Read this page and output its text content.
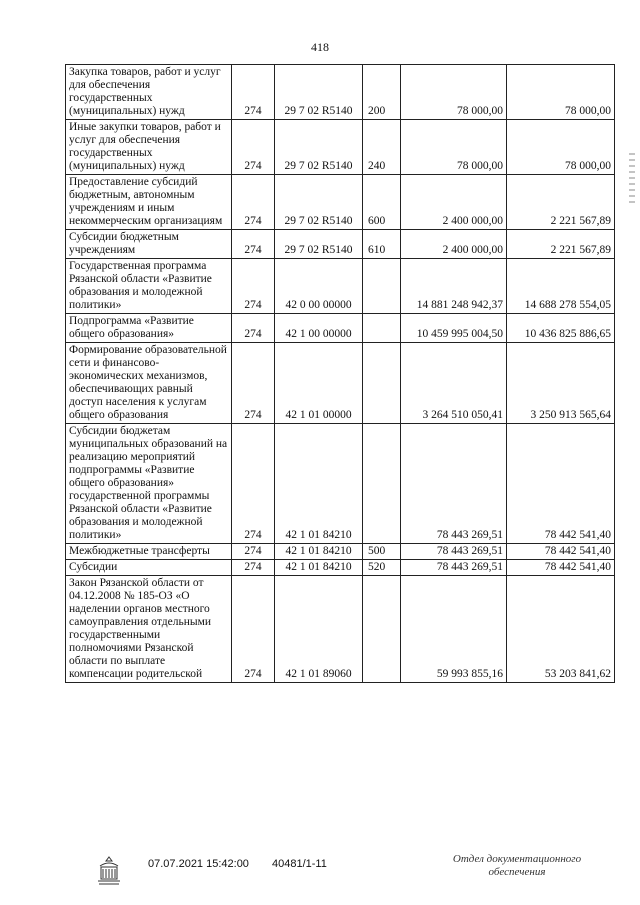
418
Закупка товаров, работ и услуг для обеспечения государственных (муниципальных) нужд	274	29 7 02 R5140	200	78 000,00	78 000,00
Иные закупки товаров, работ и услуг для обеспечения государственных (муниципальных) нужд	274	29 7 02 R5140	240	78 000,00	78 000,00
Предоставление субсидий бюджетным, автономным учреждениям и иным некоммерческим организациям	274	29 7 02 R5140	600	2 400 000,00	2 221 567,89
Субсидии бюджетным учреждениям	274	29 7 02 R5140	610	2 400 000,00	2 221 567,89
Государственная программа Рязанской области «Развитие образования и молодежной политики»	274	42 0 00 00000		14 881 248 942,37	14 688 278 554,05
Подпрограмма «Развитие общего образования»	274	42 1 00 00000		10 459 995 004,50	10 436 825 886,65
Формирование образовательной сети и финансово-экономических механизмов, обеспечивающих равный доступ населения к услугам общего образования	274	42 1 01 00000		3 264 510 050,41	3 250 913 565,64
Субсидии бюджетам муниципальных образований на реализацию мероприятий подпрограммы «Развитие общего образования» государственной программы Рязанской области «Развитие образования и молодежной политики»	274	42 1 01 84210		78 443 269,51	78 442 541,40
Межбюджетные трансферты	274	42 1 01 84210	500	78 443 269,51	78 442 541,40
Субсидии	274	42 1 01 84210	520	78 443 269,51	78 442 541,40
Закон Рязанской области от 04.12.2008 № 185-ОЗ «О наделении органов местного самоуправления отдельными государственными полномочиями Рязанской области по выплате компенсации родительской	274	42 1 01 89060		59 993 855,16	53 203 841,62
07.07.2021 15:42:00 40481/1-11	Отдел документационного
обеспечения
